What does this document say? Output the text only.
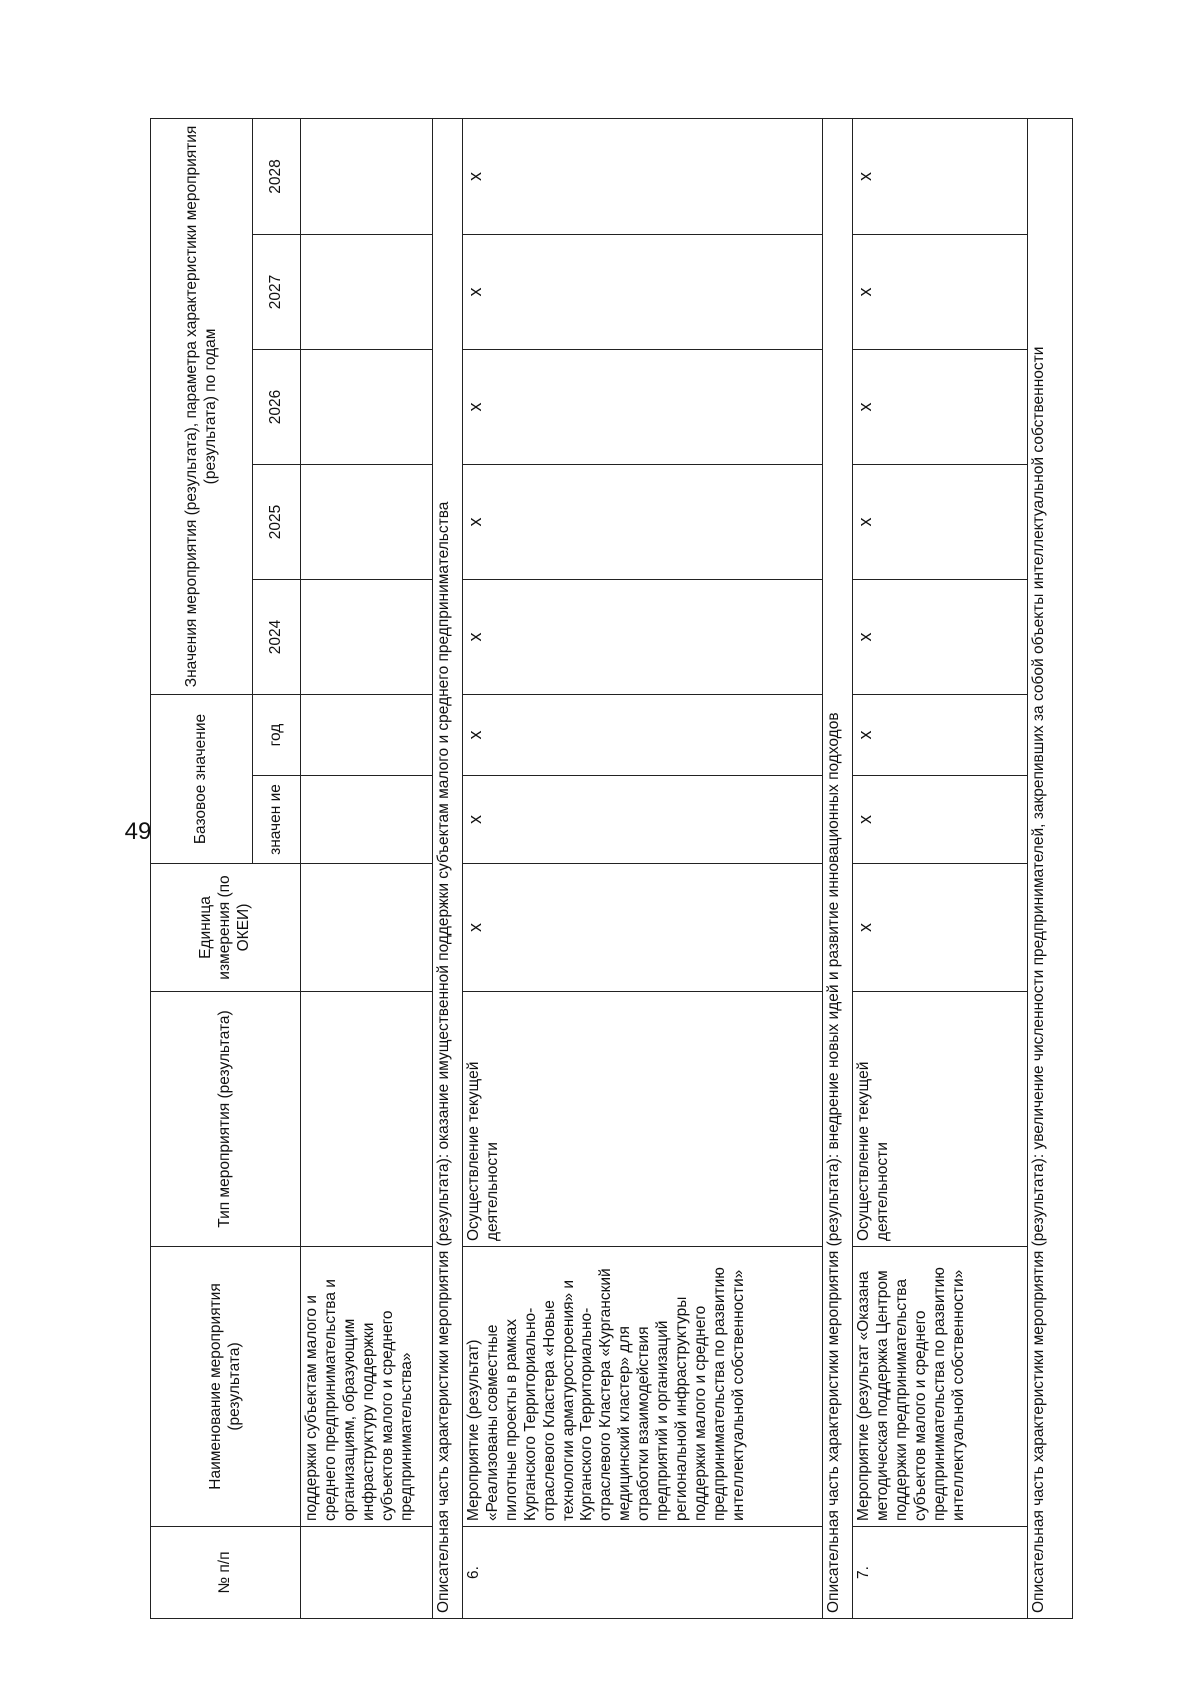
49
№ п/п	Наименование мероприятия (результата)	Тип мероприятия (результата)	Единица измерения (по ОКЕИ)	Базовое значение		Значения мероприятия (результата), параметра характеристики мероприятия (результата) по годам				
				значен ие	год	2024	2025	2026	2027	2028
	поддержки субъектам малого и среднего предпринимательства и организациям, образующим инфраструктуру поддержки субъектов малого и среднего предпринимательства»									
Описательная часть характеристики мероприятия (результата): оказание имущественной поддержки субъектам малого и среднего предпринимательства										
6.	Мероприятие (результат) «Реализованы совместные пилотные проекты в рамках Курганского Территориально-отраслевого Кластера «Новые технологии арматуростроения» и Курганского Территориально-отраслевого Кластера «Курганский медицинский кластер» для отработки взаимодействия предприятий и организаций региональной инфраструктуры поддержки малого и среднего предпринимательства по развитию интеллектуальной собственности»	Осуществление текущей деятельности	x	x	x	x	x	x	x	x
Описательная часть характеристики мероприятия (результата): внедрение новых идей и развитие инновационных подходов										
7.	Мероприятие (результат «Оказана методическая поддержка Центром поддержки предпринимательства субъектов малого и среднего предпринимательства по развитию интеллектуальной собственности»	Осуществление текущей деятельности	x	x	x	x	x	x	x	x
Описательная часть характеристики мероприятия (результата): увеличение численности предпринимателей, закрепивших за собой объекты интеллектуальной собственности										
